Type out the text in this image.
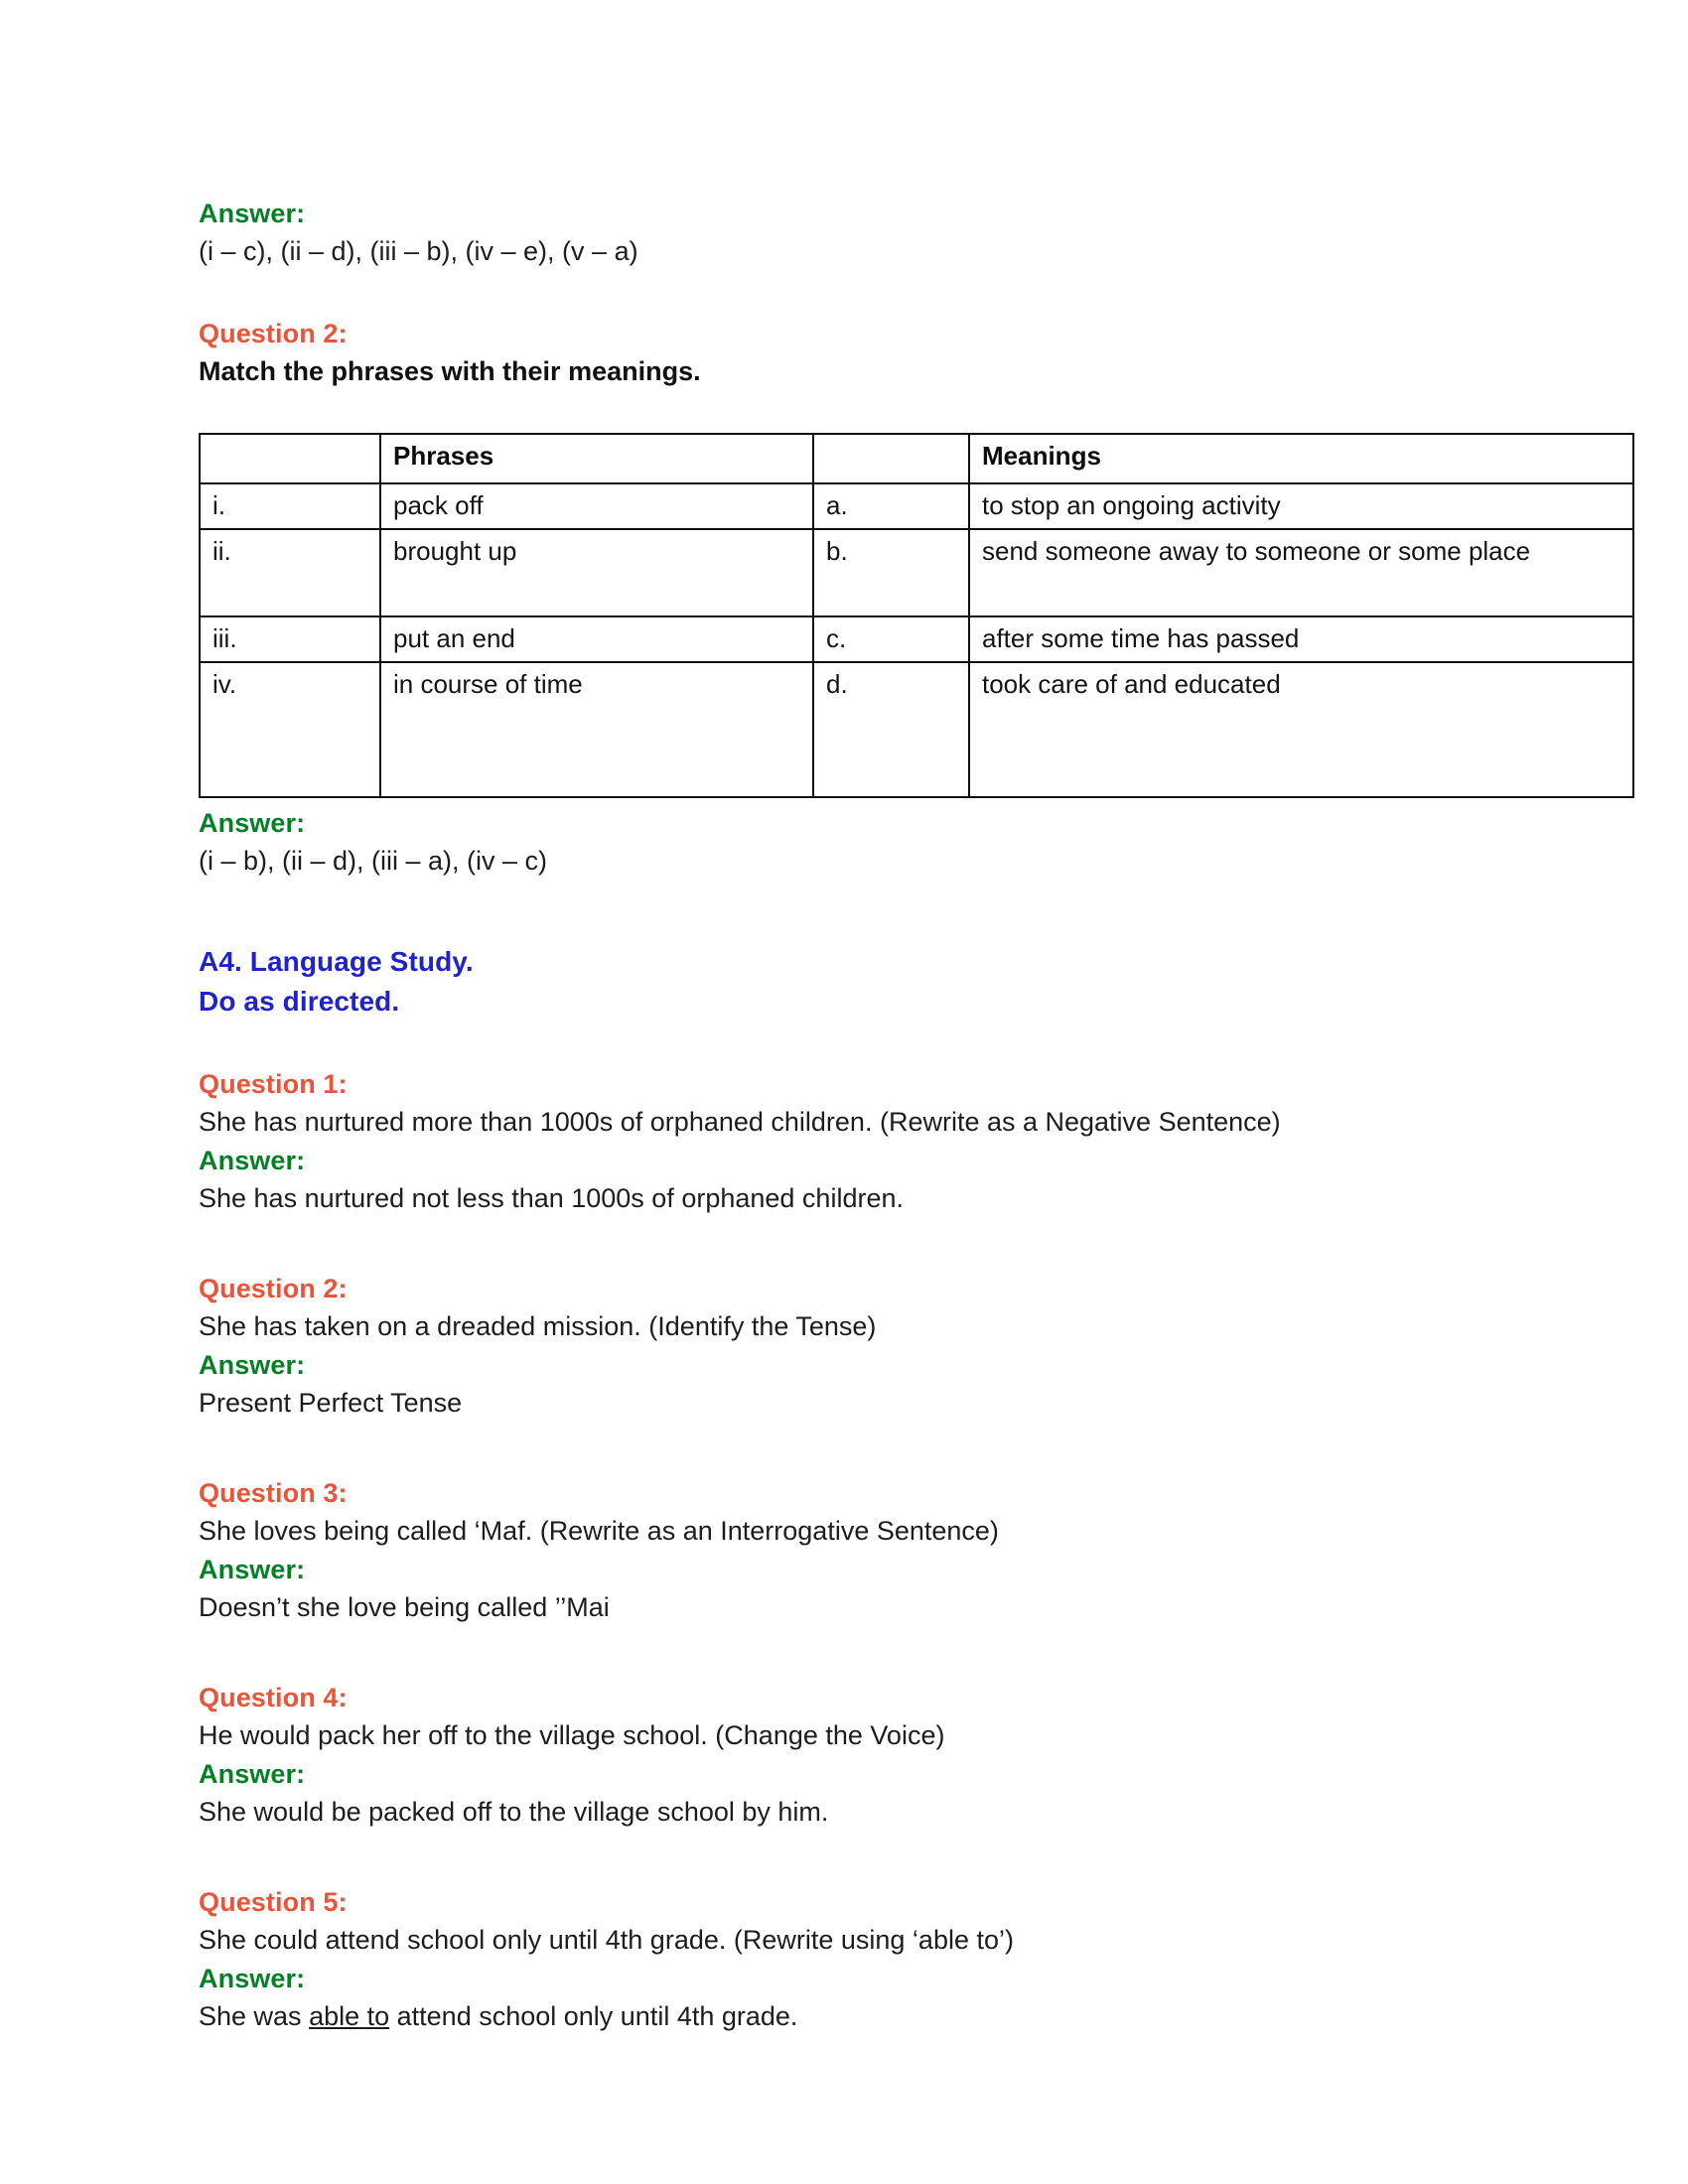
Answer:
(i – c), (ii – d), (iii – b), (iv – e), (v – a)
Question 2:
Match the phrases with their meanings.
	Phrases		Meanings
i.	pack off	a.	to stop an ongoing activity
ii.	brought up	b.	send someone away to someone or some place
iii.	put an end	c.	after some time has passed
iv.	in course of time	d.	took care of and educated
Answer:
(i – b), (ii – d), (iii – a), (iv – c)
A4. Language Study.
Do as directed.
Question 1:
She has nurtured more than 1000s of orphaned children. (Rewrite as a Negative Sentence)
Answer:
She has nurtured not less than 1000s of orphaned children.
Question 2:
She has taken on a dreaded mission. (Identify the Tense)
Answer:
Present Perfect Tense
Question 3:
She loves being called ‘Maf. (Rewrite as an Interrogative Sentence)
Answer:
Doesn’t she love being called ’’Mai
Question 4:
He would pack her off to the village school. (Change the Voice)
Answer:
She would be packed off to the village school by him.
Question 5:
She could attend school only until 4th grade. (Rewrite using ‘able to’)
Answer:
She was able to attend school only until 4th grade.
